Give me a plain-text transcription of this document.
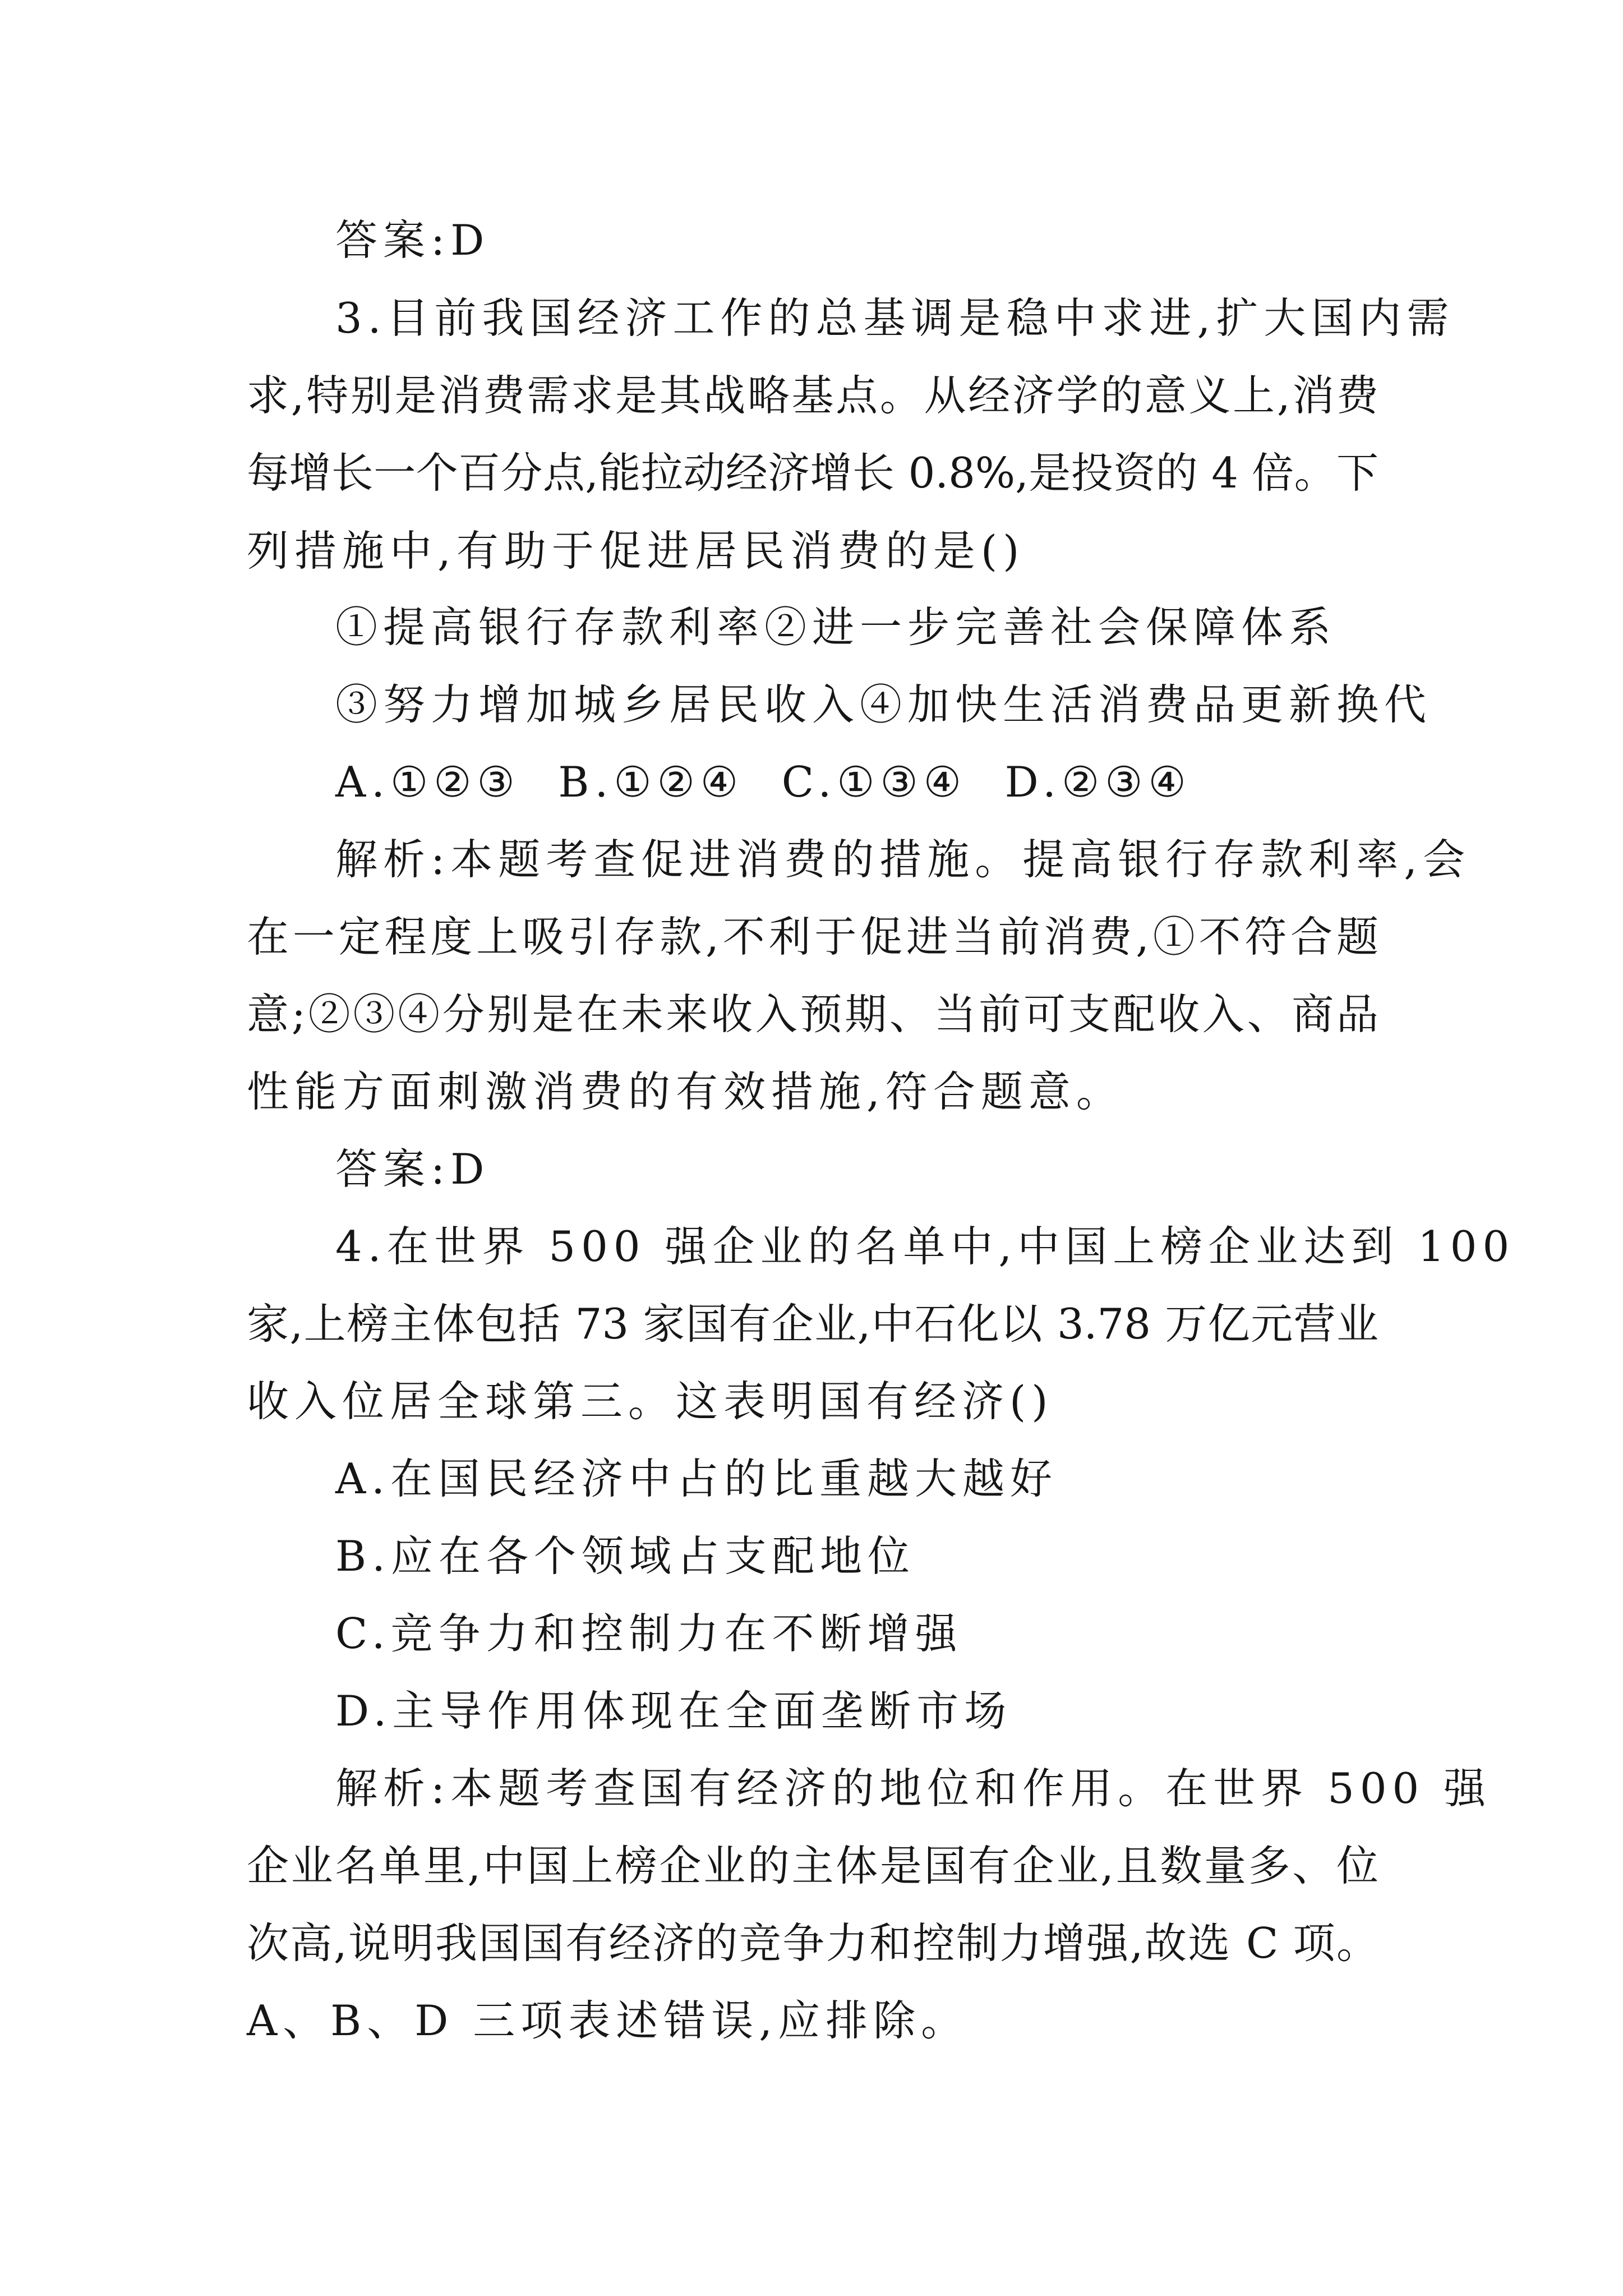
答案:D
3.目前我国经济工作的总基调是稳中求进,扩大国内需
求,特别是消费需求是其战略基点。从经济学的意义上,消费
每增长一个百分点,能拉动经济增长 0.8%,是投资的 4 倍。下
列措施中,有助于促进居民消费的是()
①提高银行存款利率②进一步完善社会保障体系
③努力增加城乡居民收入④加快生活消费品更新换代
A.①②③  B.①②④  C.①③④  D.②③④
解析:本题考查促进消费的措施。提高银行存款利率,会
在一定程度上吸引存款,不利于促进当前消费,①不符合题
意;②③④分别是在未来收入预期、当前可支配收入、商品
性能方面刺激消费的有效措施,符合题意。
答案:D
4.在世界 500 强企业的名单中,中国上榜企业达到 100
家,上榜主体包括 73 家国有企业,中石化以 3.78 万亿元营业
收入位居全球第三。这表明国有经济()
A.在国民经济中占的比重越大越好
B.应在各个领域占支配地位
C.竞争力和控制力在不断增强
D.主导作用体现在全面垄断市场
解析:本题考查国有经济的地位和作用。在世界 500 强
企业名单里,中国上榜企业的主体是国有企业,且数量多、位
次高,说明我国国有经济的竞争力和控制力增强,故选 C 项。
A、B、D 三项表述错误,应排除。
